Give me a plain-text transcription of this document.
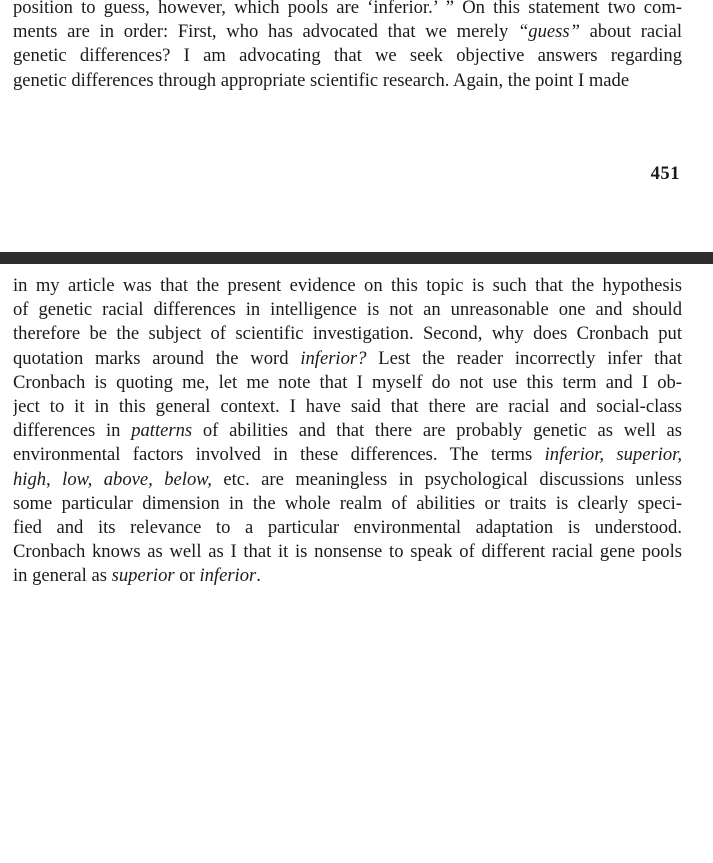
position to guess, however, which pools are ‘inferior.’ ” On this statement two com-
ments are in order: First, who has advocated that we merely “guess” about racial
genetic differences? I am advocating that we seek objective answers regarding
genetic differences through appropriate scientific research. Again, the point I made
451
in my article was that the present evidence on this topic is such that the hypothesis
of genetic racial differences in intelligence is not an unreasonable one and should
therefore be the subject of scientific investigation. Second, why does Cronbach put
quotation marks around the word inferior? Lest the reader incorrectly infer that
Cronbach is quoting me, let me note that I myself do not use this term and I ob-
ject to it in this general context. I have said that there are racial and social-class
differences in patterns of abilities and that there are probably genetic as well as
environmental factors involved in these differences. The terms inferior, superior,
high, low, above, below, etc. are meaningless in psychological discussions unless
some particular dimension in the whole realm of abilities or traits is clearly speci-
fied and its relevance to a particular environmental adaptation is understood.
Cronbach knows as well as I that it is nonsense to speak of different racial gene pools
in general as superior or inferior.
